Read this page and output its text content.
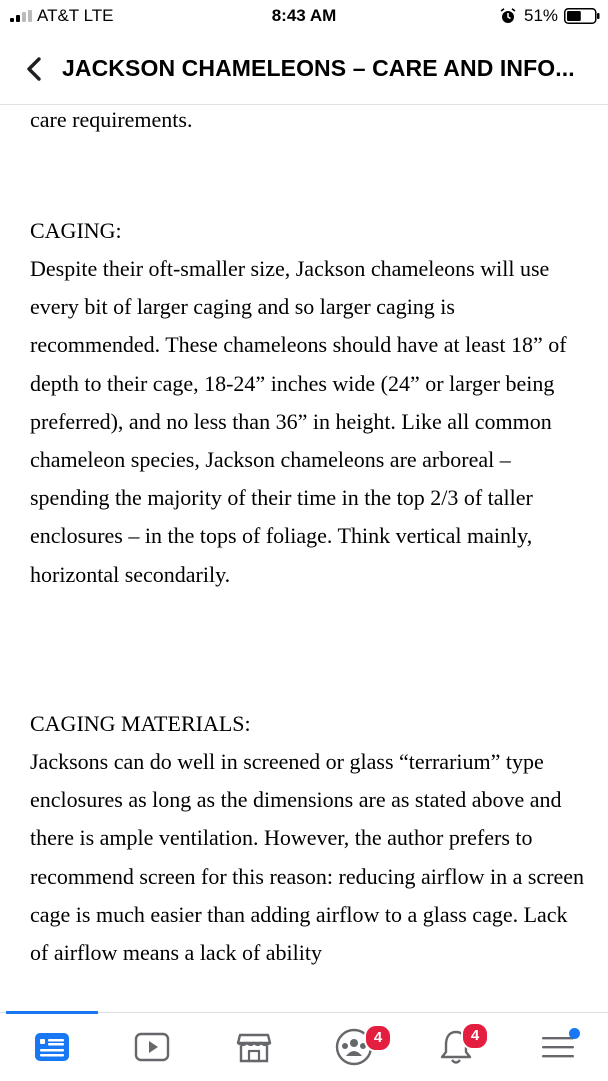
AT&T LTE	8:43 AM	51%
JACKSON CHAMELEONS – CARE AND INFO...

care requirements.

CAGING:

Despite their oft-smaller size, Jackson chameleons will use every bit of larger caging and so larger caging is recommended. These chameleons should have at least 18” of depth to their cage, 18-24” inches wide (24” or larger being preferred), and no less than 36” in height. Like all common chameleon species, Jackson chameleons are arboreal – spending the majority of their time in the top 2/3 of taller enclosures – in the tops of foliage. Think vertical mainly, horizontal secondarily.

CAGING MATERIALS:

Jacksons can do well in screened or glass “terrarium” type enclosures as long as the dimensions are as stated above and there is ample ventilation. However, the author prefers to recommend screen for this reason: reducing airflow in a screen cage is much easier than adding airflow to a glass cage. Lack of airflow means a lack of ability

4	4
